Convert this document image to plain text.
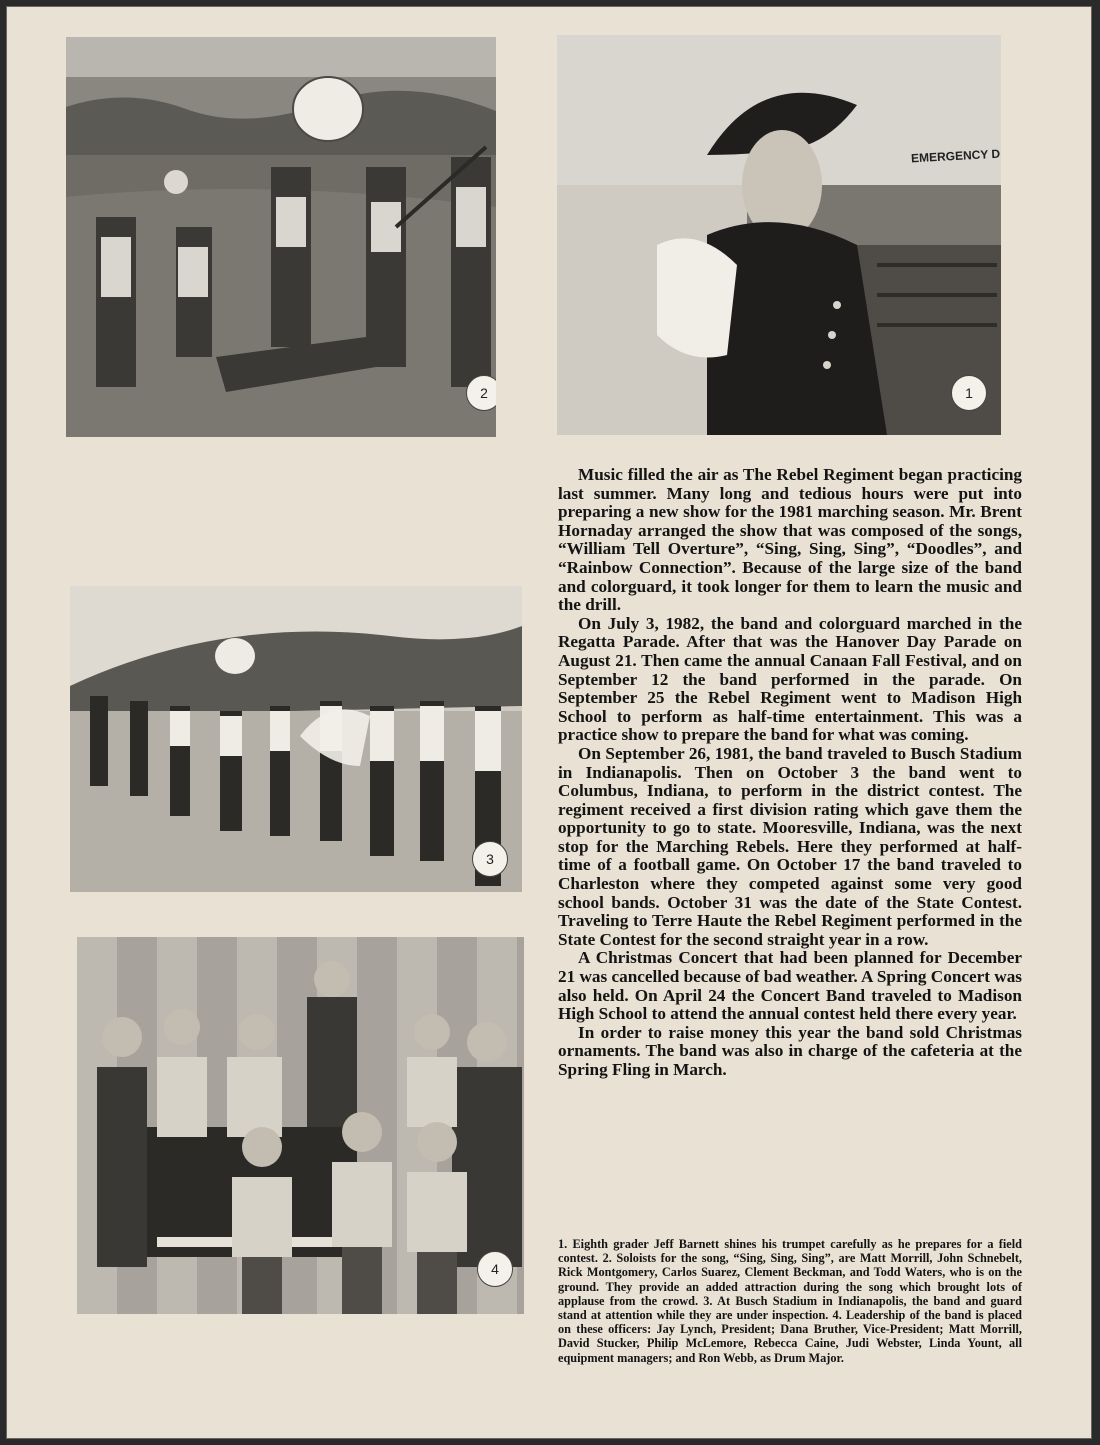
2
EMERGENCY D
1
3
4

Music filled the air as The Rebel Regiment began practicing last summer. Many long and tedious hours were put into preparing a new show for the 1981 marching season. Mr. Brent Hornaday arranged the show that was composed of the songs, “William Tell Overture”, “Sing, Sing, Sing”, “Doodles”, and “Rainbow Connection”. Because of the large size of the band and colorguard, it took longer for them to learn the music and the drill.

On July 3, 1982, the band and colorguard marched in the Regatta Parade. After that was the Hanover Day Parade on August 21. Then came the annual Canaan Fall Festival, and on September 12 the band performed in the parade. On September 25 the Rebel Regiment went to Madison High School to perform as half-time entertainment. This was a practice show to prepare the band for what was coming.

On September 26, 1981, the band traveled to Busch Stadium in Indianapolis. Then on October 3 the band went to Columbus, Indiana, to perform in the district contest. The regiment received a first division rating which gave them the opportunity to go to state. Mooresville, Indiana, was the next stop for the Marching Rebels. Here they performed at half-time of a football game. On October 17 the band traveled to Charleston where they competed against some very good school bands. October 31 was the date of the State Contest. Traveling to Terre Haute the Rebel Regiment performed in the State Contest for the second straight year in a row.

A Christmas Concert that had been planned for December 21 was cancelled because of bad weather. A Spring Concert was also held. On April 24 the Concert Band traveled to Madison High School to attend the annual contest held there every year.

In order to raise money this year the band sold Christmas ornaments. The band was also in charge of the cafeteria at the Spring Fling in March.

1. Eighth grader Jeff Barnett shines his trumpet carefully as he prepares for a field contest. 2. Soloists for the song, “Sing, Sing, Sing”, are Matt Morrill, John Schnebelt, Rick Montgomery, Carlos Suarez, Clement Beckman, and Todd Waters, who is on the ground. They provide an added attraction during the song which brought lots of applause from the crowd. 3. At Busch Stadium in Indianapolis, the band and guard stand at attention while they are under inspection. 4. Leadership of the band is placed on these officers: Jay Lynch, President; Dana Bruther, Vice-President; Matt Morrill, David Stucker, Philip McLemore, Rebecca Caine, Judi Webster, Linda Yount, all equipment managers; and Ron Webb, as Drum Major.
